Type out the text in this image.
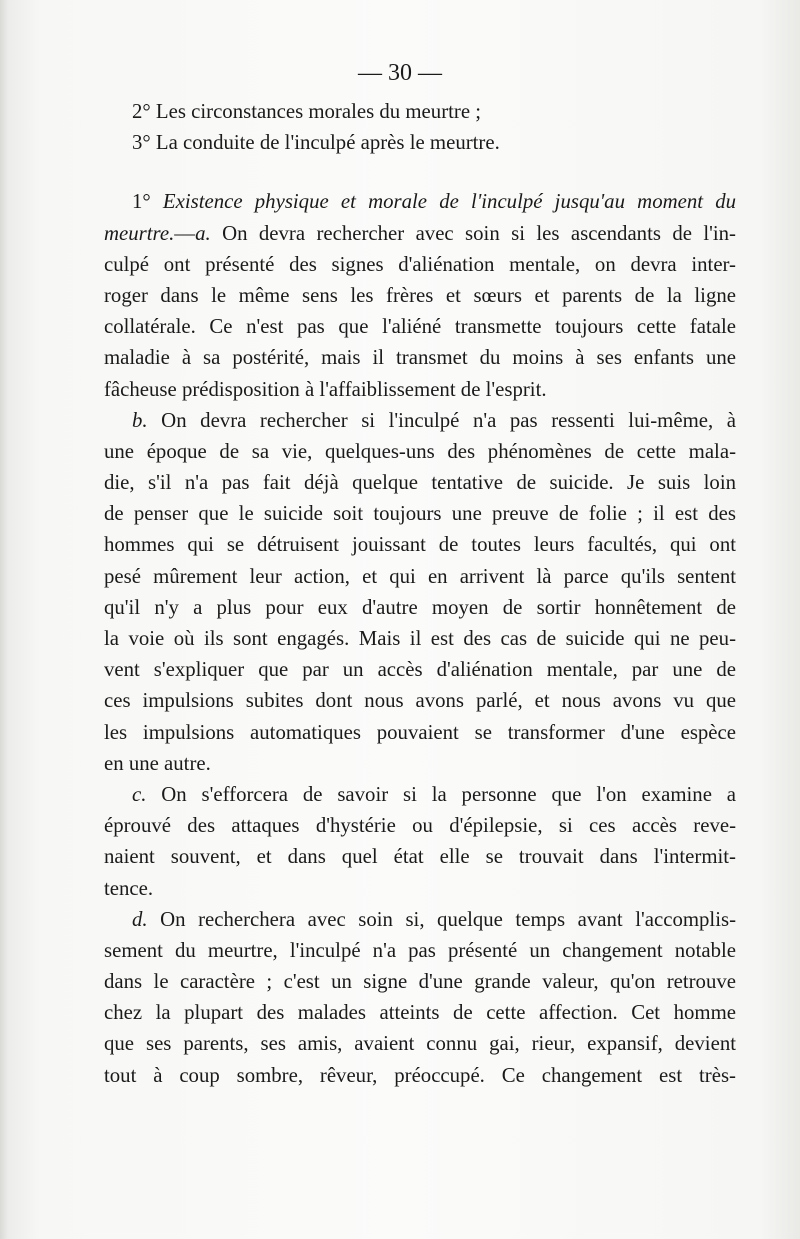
— 30 —
2° Les circonstances morales du meurtre ;
3° La conduite de l'inculpé après le meurtre.
1° Existence physique et morale de l'inculpé jusqu'au moment du
meurtre.—a. On devra rechercher avec soin si les ascendants de l'in-
culpé ont présenté des signes d'aliénation mentale, on devra inter-
roger dans le même sens les frères et sœurs et parents de la ligne
collatérale. Ce n'est pas que l'aliéné transmette toujours cette fatale
maladie à sa postérité, mais il transmet du moins à ses enfants une
fâcheuse prédisposition à l'affaiblissement de l'esprit.
b. On devra rechercher si l'inculpé n'a pas ressenti lui-même, à
une époque de sa vie, quelques-uns des phénomènes de cette mala-
die, s'il n'a pas fait déjà quelque tentative de suicide. Je suis loin
de penser que le suicide soit toujours une preuve de folie ; il est des
hommes qui se détruisent jouissant de toutes leurs facultés, qui ont
pesé mûrement leur action, et qui en arrivent là parce qu'ils sentent
qu'il n'y a plus pour eux d'autre moyen de sortir honnêtement de
la voie où ils sont engagés. Mais il est des cas de suicide qui ne peu-
vent s'expliquer que par un accès d'aliénation mentale, par une de
ces impulsions subites dont nous avons parlé, et nous avons vu que
les impulsions automatiques pouvaient se transformer d'une espèce
en une autre.
c. On s'efforcera de savoir si la personne que l'on examine a
éprouvé des attaques d'hystérie ou d'épilepsie, si ces accès reve-
naient souvent, et dans quel état elle se trouvait dans l'intermit-
tence.
d. On recherchera avec soin si, quelque temps avant l'accomplis-
sement du meurtre, l'inculpé n'a pas présenté un changement notable
dans le caractère ; c'est un signe d'une grande valeur, qu'on retrouve
chez la plupart des malades atteints de cette affection. Cet homme
que ses parents, ses amis, avaient connu gai, rieur, expansif, devient
tout à coup sombre, rêveur, préoccupé. Ce changement est très-
